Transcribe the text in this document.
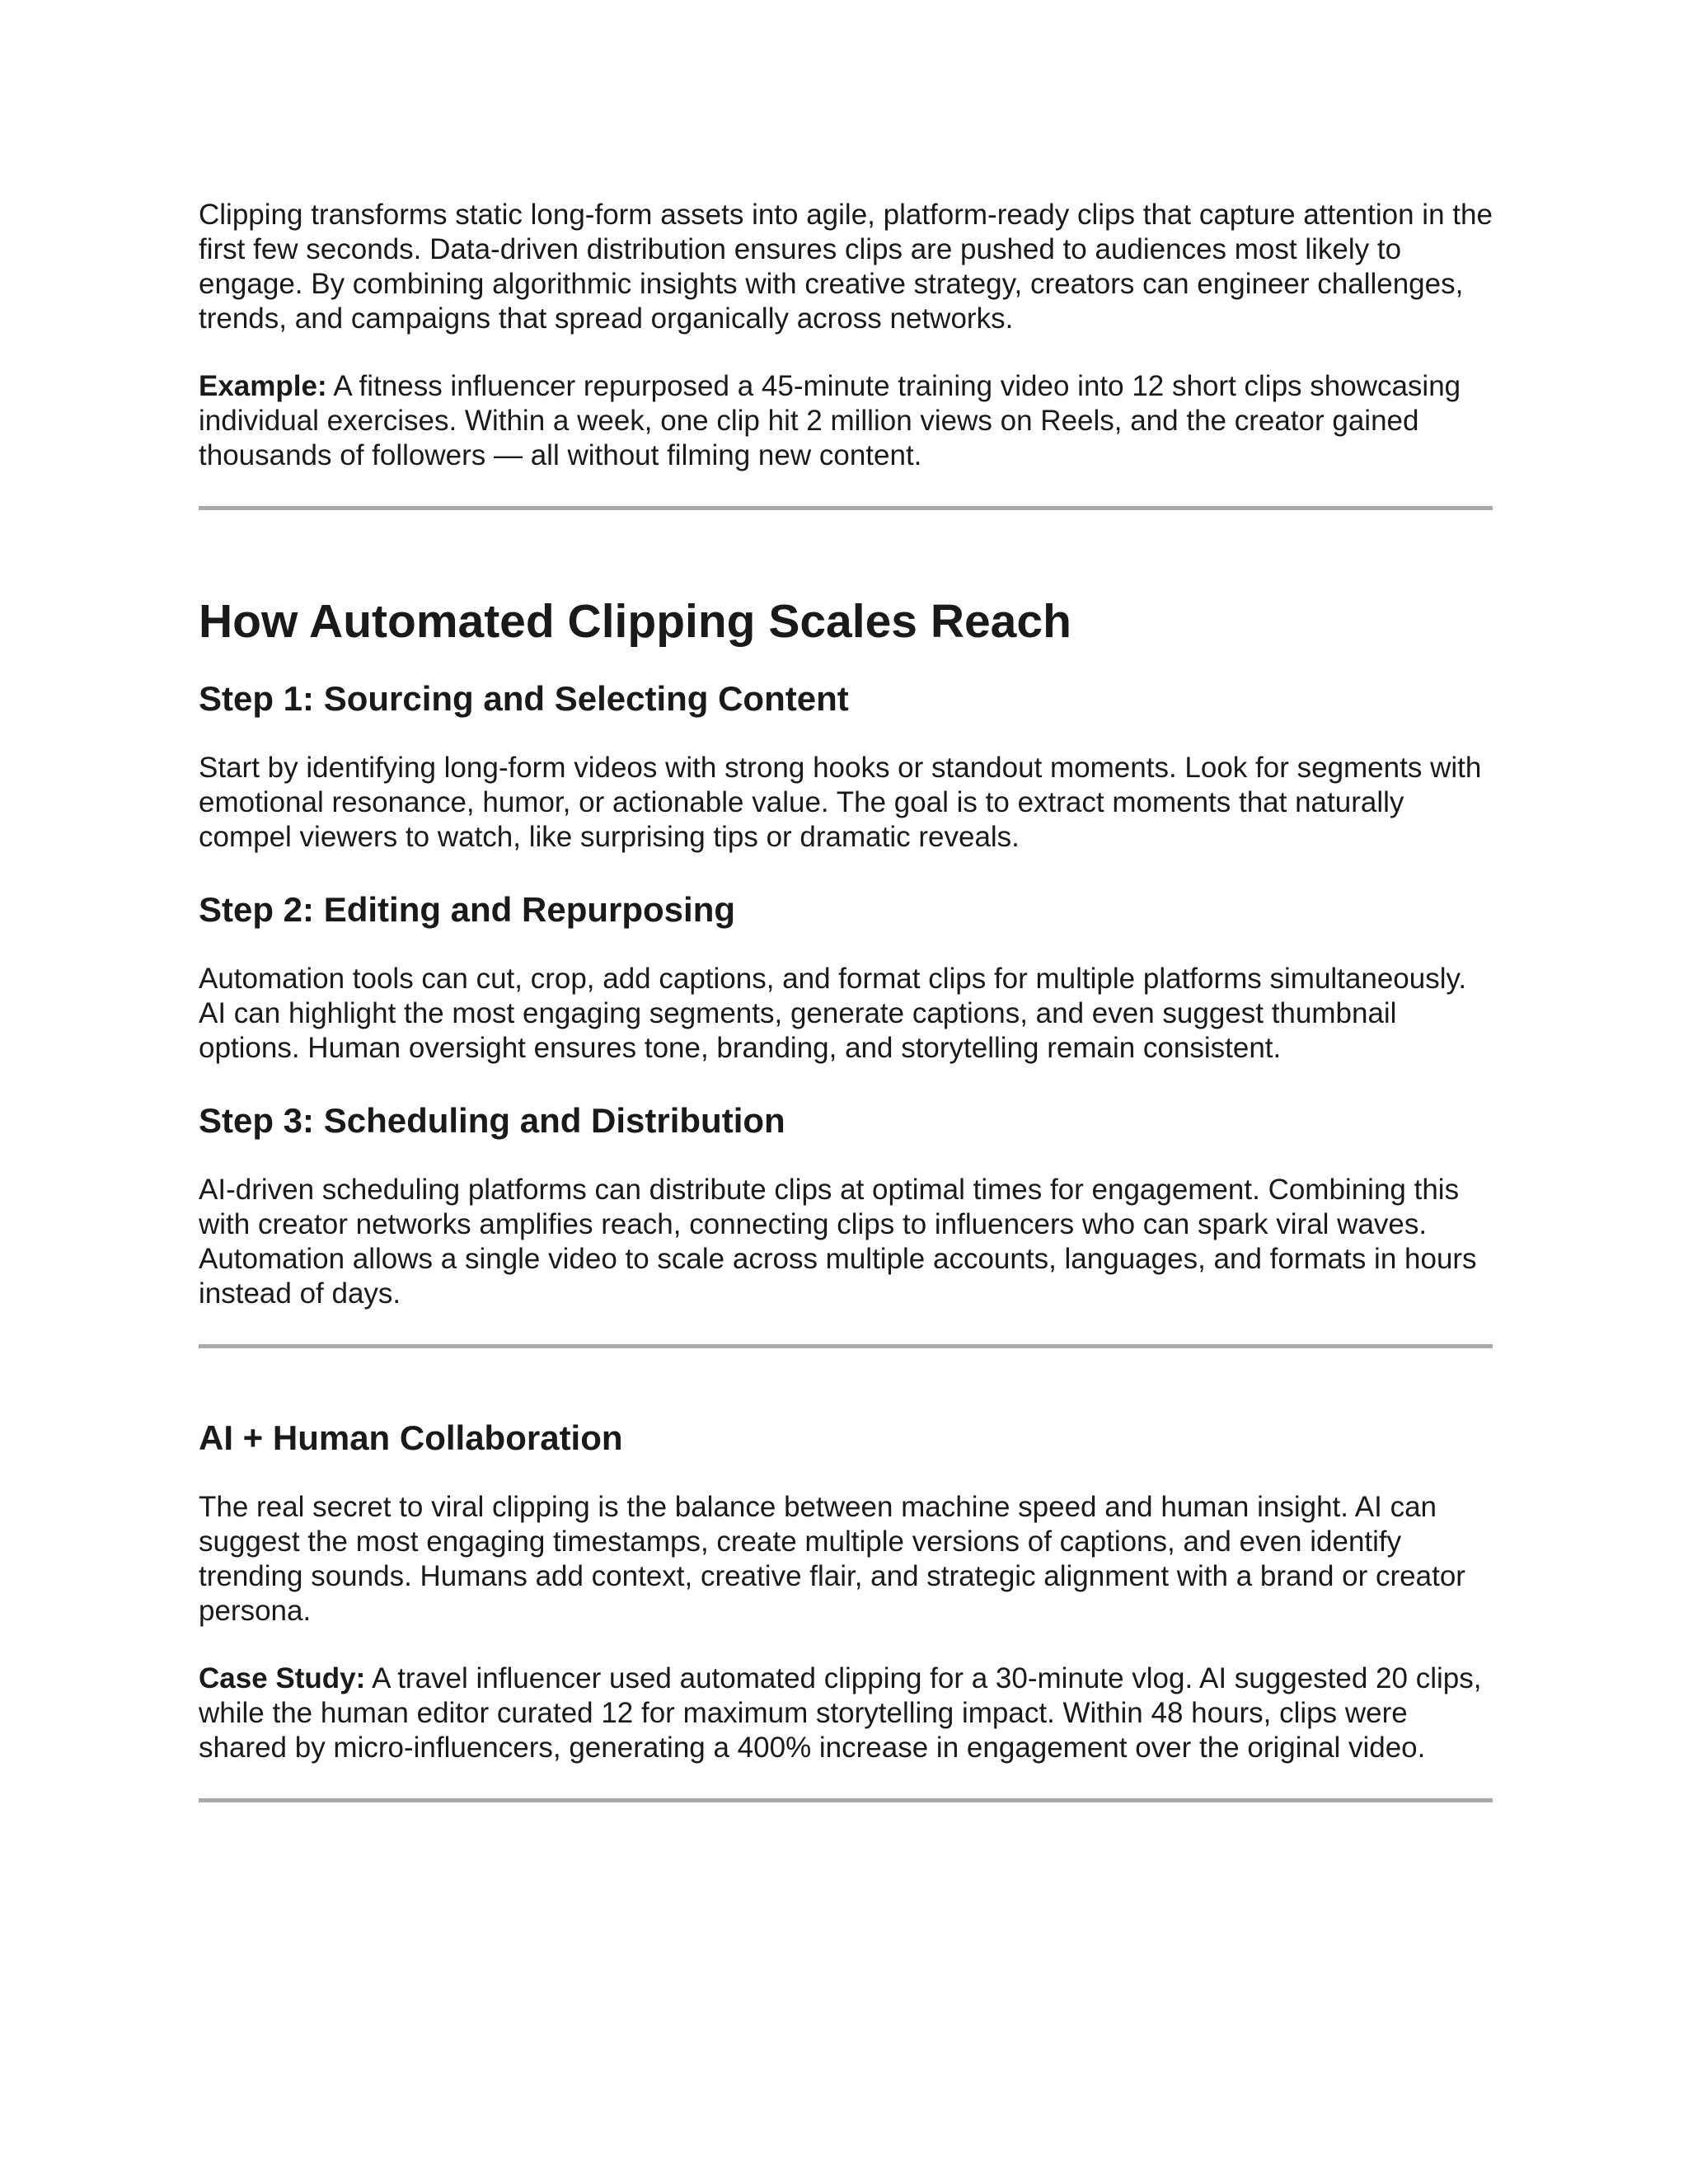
Clipping transforms static long-form assets into agile, platform-ready clips that capture attention in the first few seconds. Data-driven distribution ensures clips are pushed to audiences most likely to engage. By combining algorithmic insights with creative strategy, creators can engineer challenges, trends, and campaigns that spread organically across networks.

Example: A fitness influencer repurposed a 45-minute training video into 12 short clips showcasing individual exercises. Within a week, one clip hit 2 million views on Reels, and the creator gained thousands of followers — all without filming new content.

How Automated Clipping Scales Reach
Step 1: Sourcing and Selecting Content

Start by identifying long-form videos with strong hooks or standout moments. Look for segments with emotional resonance, humor, or actionable value. The goal is to extract moments that naturally compel viewers to watch, like surprising tips or dramatic reveals.

Step 2: Editing and Repurposing

Automation tools can cut, crop, add captions, and format clips for multiple platforms simultaneously. AI can highlight the most engaging segments, generate captions, and even suggest thumbnail options. Human oversight ensures tone, branding, and storytelling remain consistent.

Step 3: Scheduling and Distribution

AI-driven scheduling platforms can distribute clips at optimal times for engagement. Combining this with creator networks amplifies reach, connecting clips to influencers who can spark viral waves. Automation allows a single video to scale across multiple accounts, languages, and formats in hours instead of days.

AI + Human Collaboration

The real secret to viral clipping is the balance between machine speed and human insight. AI can suggest the most engaging timestamps, create multiple versions of captions, and even identify trending sounds. Humans add context, creative flair, and strategic alignment with a brand or creator persona.

Case Study: A travel influencer used automated clipping for a 30-minute vlog. AI suggested 20 clips, while the human editor curated 12 for maximum storytelling impact. Within 48 hours, clips were shared by micro-influencers, generating a 400% increase in engagement over the original video.
